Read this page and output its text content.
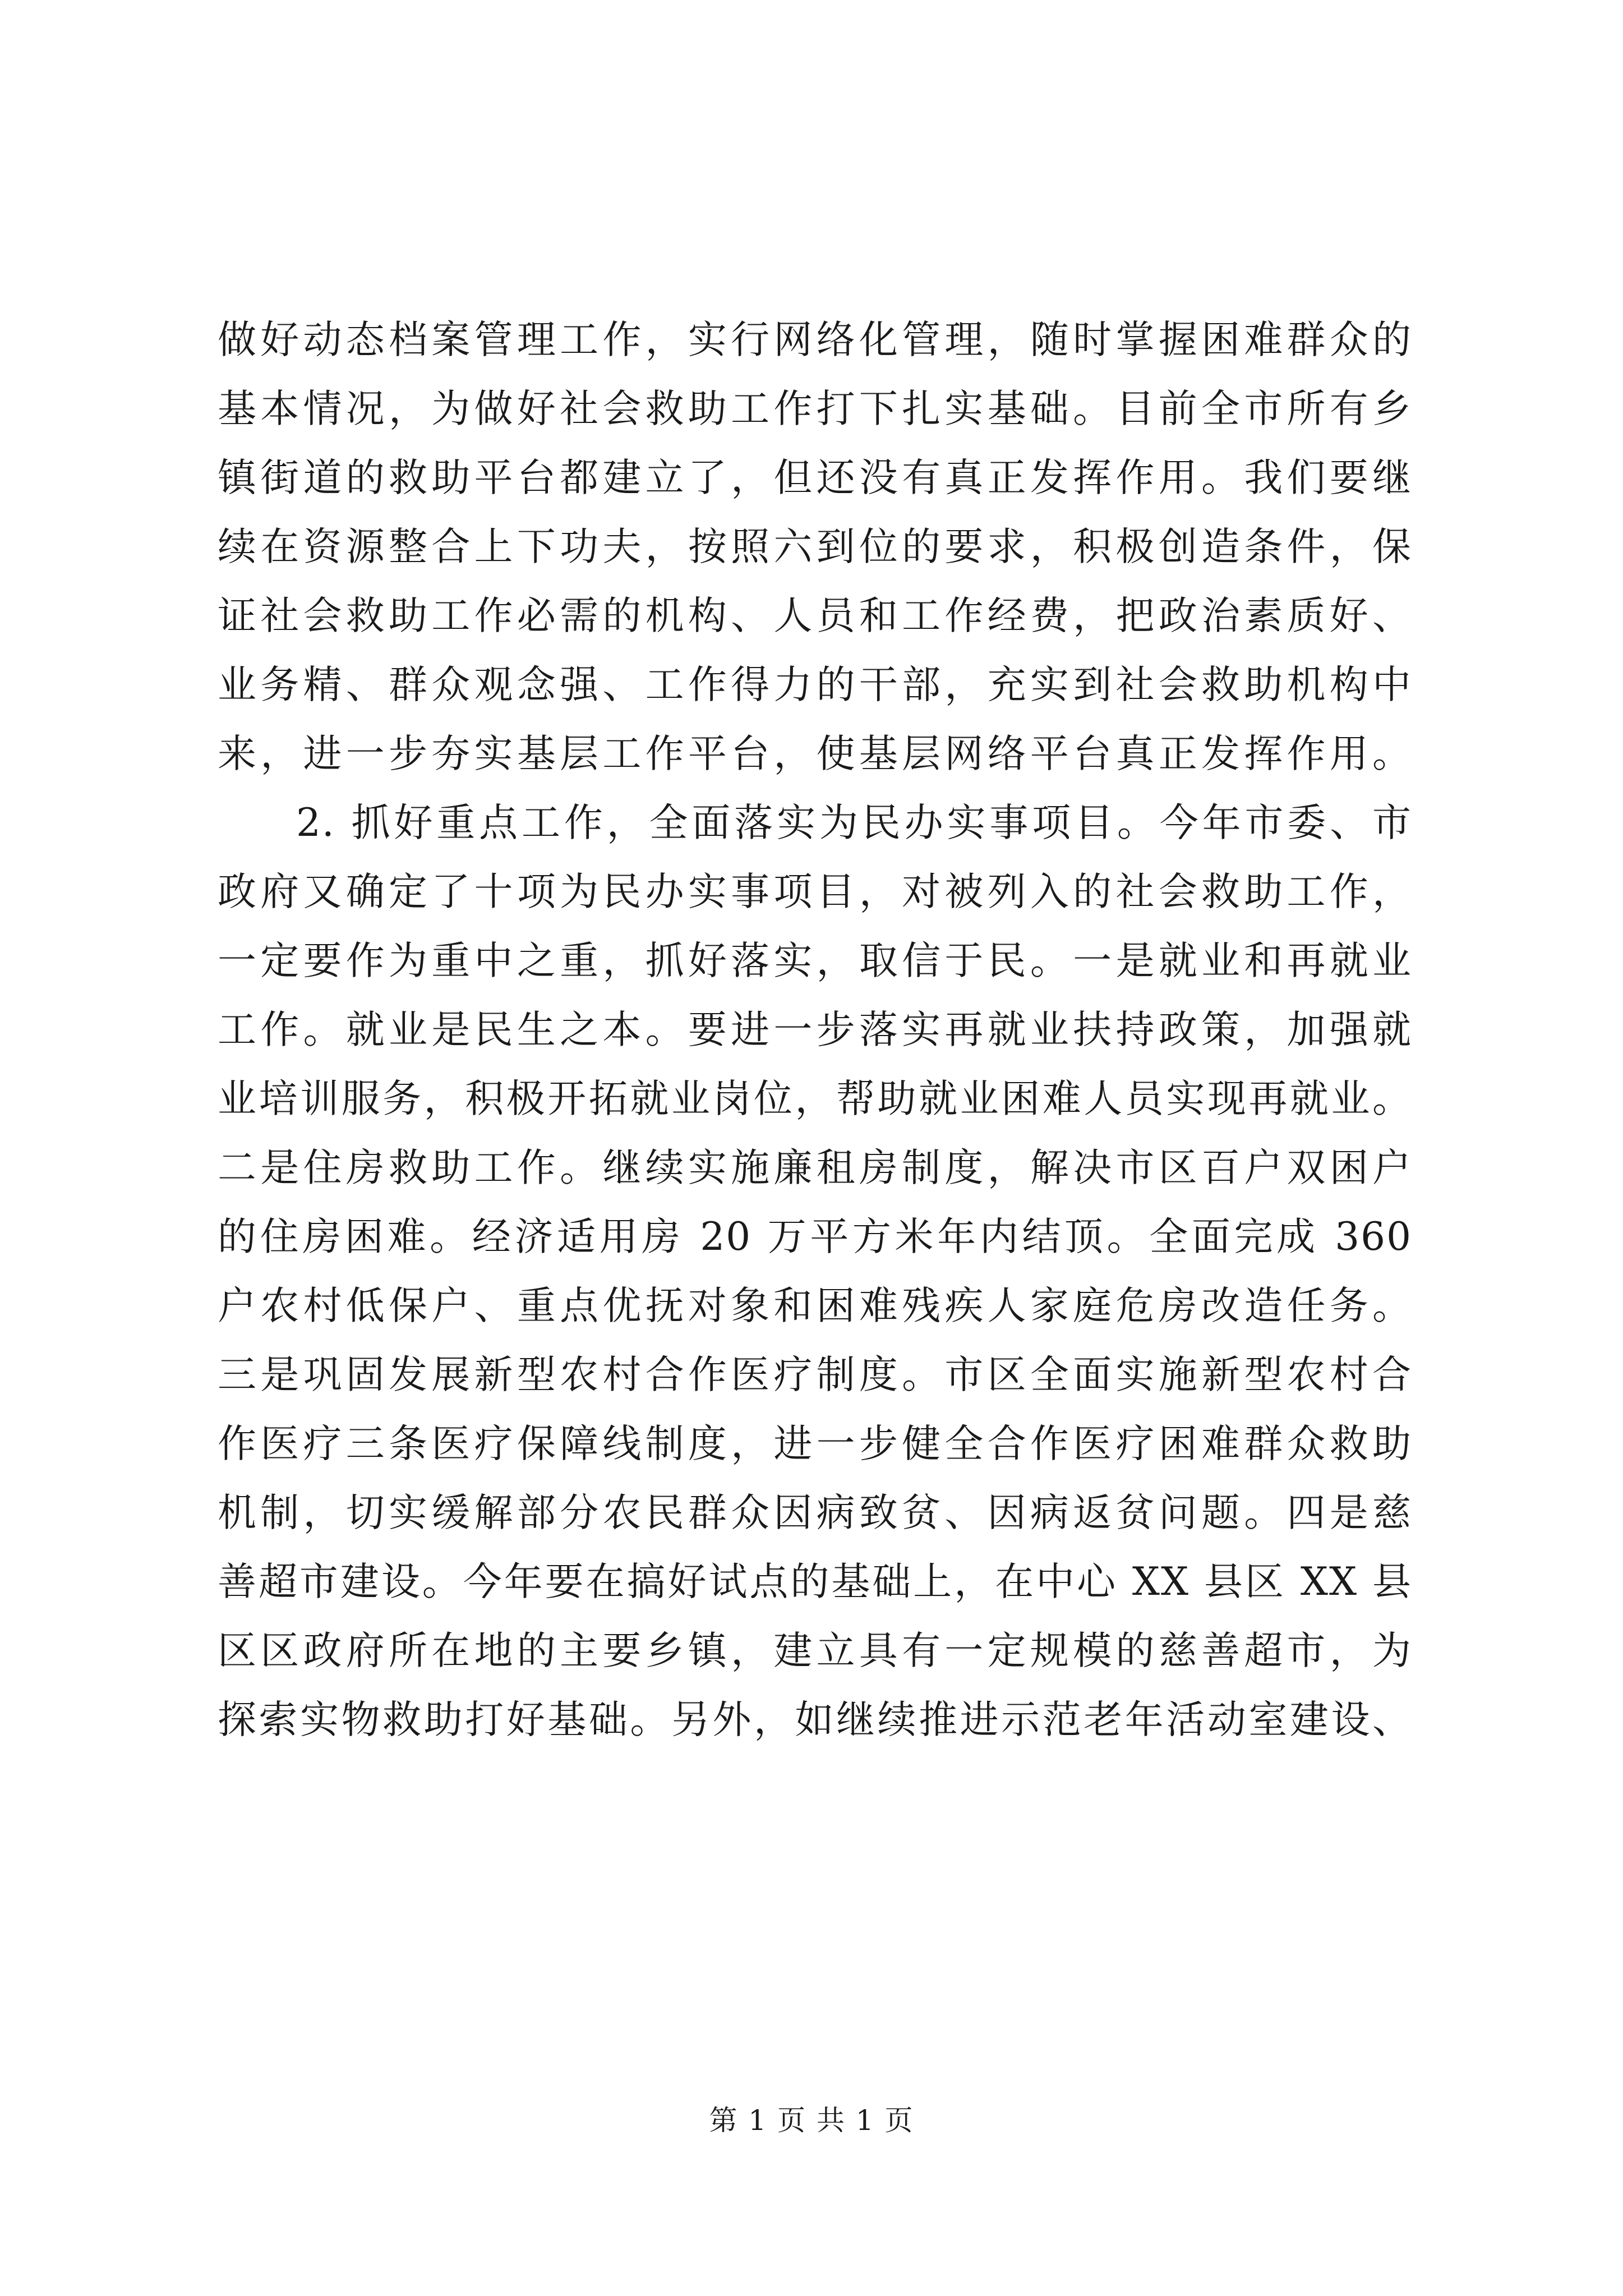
做好动态档案管理工作，实行网络化管理，随时掌握困难群众的
基本情况，为做好社会救助工作打下扎实基础。目前全市所有乡
镇街道的救助平台都建立了，但还没有真正发挥作用。我们要继
续在资源整合上下功夫，按照六到位的要求，积极创造条件，保
证社会救助工作必需的机构、人员和工作经费，把政治素质好、
业务精、群众观念强、工作得力的干部，充实到社会救助机构中
来，进一步夯实基层工作平台，使基层网络平台真正发挥作用。
2. 抓好重点工作，全面落实为民办实事项目。今年市委、市
政府又确定了十项为民办实事项目，对被列入的社会救助工作，
一定要作为重中之重，抓好落实，取信于民。一是就业和再就业
工作。就业是民生之本。要进一步落实再就业扶持政策，加强就
业培训服务，积极开拓就业岗位，帮助就业困难人员实现再就业。
二是住房救助工作。继续实施廉租房制度，解决市区百户双困户
的住房困难。经济适用房 20 万平方米年内结顶。全面完成 360
户农村低保户、重点优抚对象和困难残疾人家庭危房改造任务。
三是巩固发展新型农村合作医疗制度。市区全面实施新型农村合
作医疗三条医疗保障线制度，进一步健全合作医疗困难群众救助
机制，切实缓解部分农民群众因病致贫、因病返贫问题。四是慈
善超市建设。今年要在搞好试点的基础上，在中心 XX 县区 XX 县
区区政府所在地的主要乡镇，建立具有一定规模的慈善超市，为
探索实物救助打好基础。另外，如继续推进示范老年活动室建设、
第 1 页 共 1 页
